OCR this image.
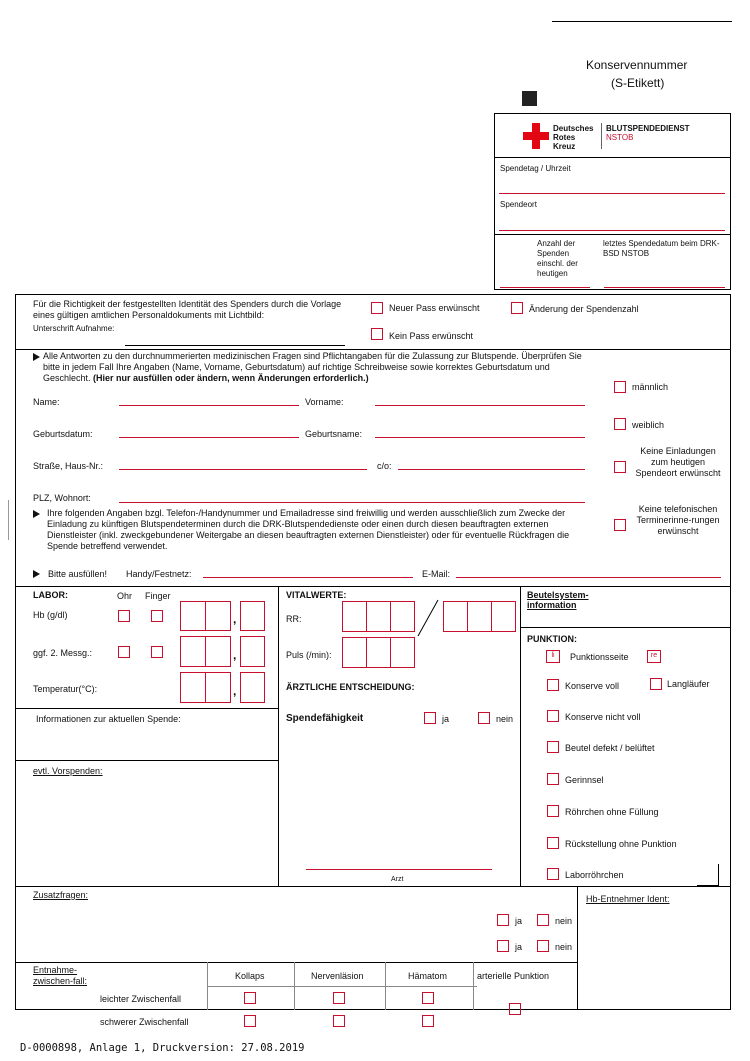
Konservennummer
(S-Etikett)
Deutsches
Rotes
Kreuz
BLUTSPENDEDIENST
NSTOB
Spendetag / Uhrzeit
Spendeort
Anzahl der Spenden einschl. der heutigen
letztes Spendedatum beim DRK-BSD NSTOB
Für die Richtigkeit der festgestellten Identität des Spenders durch die Vorlage eines gültigen amtlichen Personaldokuments mit Lichtbild:
Unterschrift Aufnahme:
Neuer Pass erwünscht	Änderung der Spendenzahl
Kein Pass erwünscht
Alle Antworten zu den durchnummerierten medizinischen Fragen sind Pflichtangaben für die Zulassung zur Blutspende. Überprüfen Sie bitte in jedem Fall Ihre Angaben (Name, Vorname, Geburtsdatum) auf richtige Schreibweise sowie korrektes Geburtsdatum und Geschlecht. (Hier nur ausfüllen oder ändern, wenn Änderungen erforderlich.)
Name:	Vorname:
Geburtsdatum:	Geburtsname:
Straße, Haus-Nr.:	c/o:
PLZ, Wohnort:
männlich
weiblich
Keine Einladungen zum heutigen Spendeort erwünscht
Keine telefonischen Terminerinne-rungen erwünscht
Ihre folgenden Angaben bzgl. Telefon-/Handynummer und Emailadresse sind freiwillig und werden ausschließlich zum Zwecke der Einladung zu künftigen Blutspendeterminen durch die DRK-Blutspendedienste oder einen durch diesen beauftragten externen Dienstleister (inkl. zweckgebundener Weitergabe an diesen beauftragten externen Dienstleister) oder für eventuelle Rückfragen die Spende betreffend verwendet.
Bitte ausfüllen! Handy/Festnetz:	E-Mail:
LABOR:	Ohr Finger
Hb (g/dl)	,
ggf. 2. Messg.:	,
Temperatur(°C):	,
Informationen zur aktuellen Spende:
evtl. Vorspenden:
VITALWERTE:
RR:
Puls (/min):
ÄRZTLICHE ENTSCHEIDUNG:
Spendefähigkeit	ja	nein
Arzt
Beutelsystem-information
PUNKTION:
li	Punktionsseite	re
Konserve voll	Langläufer
Konserve nicht voll
Beutel defekt / belüftet
Gerinnsel
Röhrchen ohne Füllung
Rückstellung ohne Punktion
Laborröhrchen
Zusatzfragen:	Hb-Entnehmer Ident:
ja	nein
ja	nein
Entnahme-zwischen-fall:	Kollaps	Nervenläsion	Hämatom	arterielle Punktion
leichter Zwischenfall
schwerer Zwischenfall
D-0000898, Anlage 1, Druckversion: 27.08.2019
